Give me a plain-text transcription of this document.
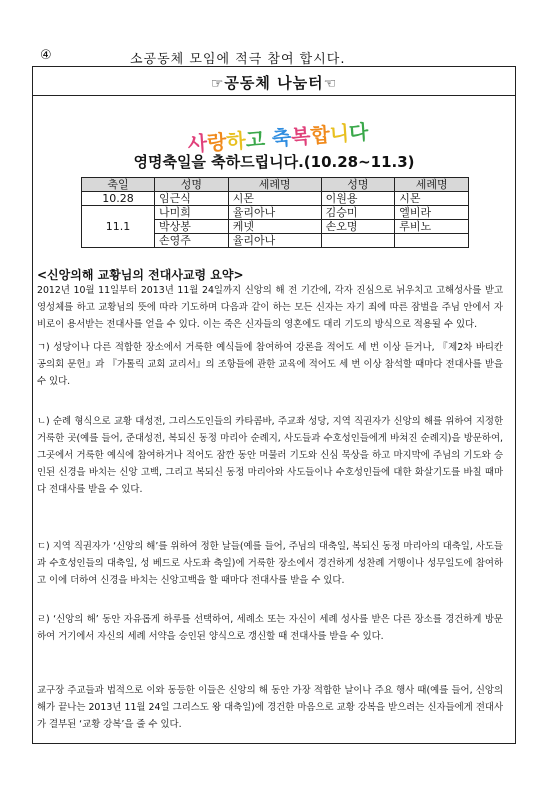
④	소공동체 모임에 적극 참여 합시다.
☞공동체 나눔터☜
사랑하고 축복합니다
영명축일을 축하드립니다.(10.28~11.3)
축일	성명	세례명	성명	세례명
10.28	임근식	시몬	이원용	시몬
11.1	나미희	율리아나	김승미	엘비라
	박상봉	케넷	손오명	루비노
	손영주	율리아나		
<신앙의해 교황님의 전대사교령 요약>

2012년 10월 11일부터 2013년 11월 24일까지 신앙의 해 전 기간에, 각자 진심으로 뉘우치고 고해성사를 받고 영성체를 하고 교황님의 뜻에 따라 기도하며 다음과 같이 하는 모든 신자는 자기 죄에 따른 잠벌을 주님 안에서 자비로이 용서받는 전대사를 얻을 수 있다. 이는 죽은 신자들의 영혼에도 대리 기도의 방식으로 적용될 수 있다.

ㄱ) 성당이나 다른 적합한 장소에서 거룩한 예식들에 참여하여 강론을 적어도 세 번 이상 듣거나, 『제2차 바티칸 공의회 문헌』과 『가톨릭 교회 교리서』의 조항들에 관한 교육에 적어도 세 번 이상 참석할 때마다 전대사를 받을 수 있다.

ㄴ) 순례 형식으로 교황 대성전, 그리스도인들의 카타콤바, 주교좌 성당, 지역 직권자가 신앙의 해를 위하여 지정한 거룩한 곳(예를 들어, 준대성전, 복되신 동정 마리아 순례지, 사도들과 수호성인들에게 바쳐진 순례지)을 방문하여, 그곳에서 거룩한 예식에 참여하거나 적어도 잠깐 동안 머물러 기도와 신심 묵상을 하고 마지막에 주님의 기도와 승인된 신경을 바치는 신앙 고백, 그리고 복되신 동정 마리아와 사도들이나 수호성인들에 대한 화살기도를 바칠 때마다 전대사를 받을 수 있다.

ㄷ) 지역 직권자가 ‘신앙의 해’를 위하여 정한 날들(예를 들어, 주님의 대축일, 복되신 동정 마리아의 대축일, 사도들과 수호성인들의 대축일, 성 베드로 사도좌 축일)에 거룩한 장소에서 경건하게 성찬례 거행이나 성무일도에 참여하고 이에 더하여 신경을 바치는 신앙고백을 할 때마다 전대사를 받을 수 있다.

ㄹ) ‘신앙의 해’ 동안 자유롭게 하루를 선택하여, 세례소 또는 자신이 세례 성사를 받은 다른 장소를 경건하게 방문하여 거기에서 자신의 세례 서약을 승인된 양식으로 갱신할 때 전대사를 받을 수 있다.

교구장 주교들과 법적으로 이와 동등한 이들은 신앙의 해 동안 가장 적합한 날이나 주요 행사 때(예를 들어, 신앙의 해가 끝나는 2013년 11월 24일 그리스도 왕 대축일)에 경건한 마음으로 교황 강복을 받으려는 신자들에게 전대사가 결부된 ‘교황 강복’을 줄 수 있다.
